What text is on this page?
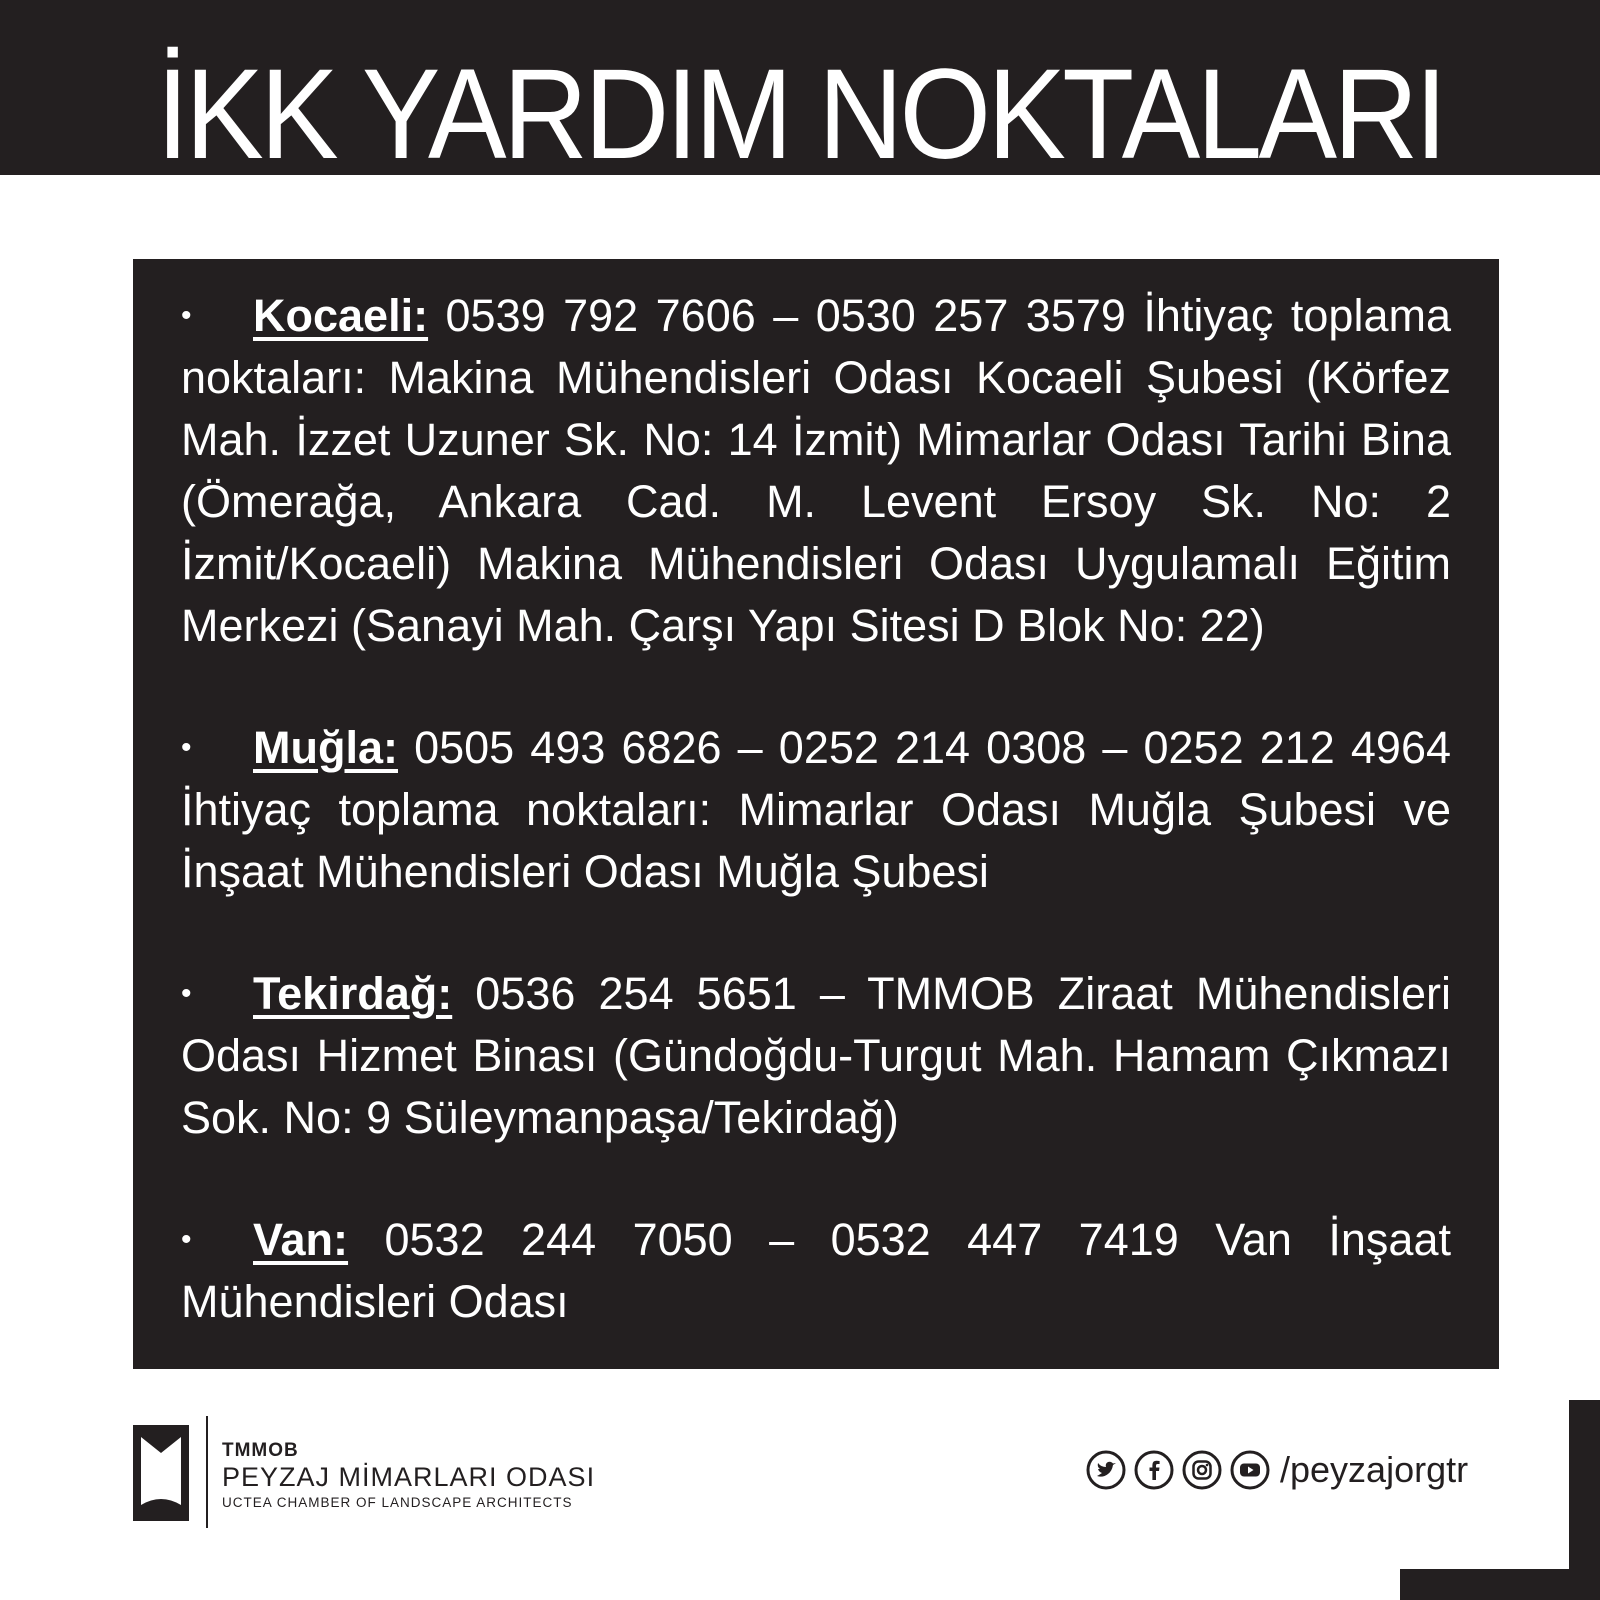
İKK YARDIM NOKTALARI

• Kocaeli: 0539 792 7606 – 0530 257 3579 İhtiyaç toplama noktaları: Makina Mühendisleri Odası Kocaeli Şubesi (Körfez Mah. İzzet Uzuner Sk. No: 14 İzmit) Mimarlar Odası Tarihi Bina (Ömerağa, Ankara Cad. M. Levent Ersoy Sk. No: 2 İzmit/Kocaeli) Makina Mühendisleri Odası Uygulamalı Eğitim Merkezi (Sanayi Mah. Çarşı Yapı Sitesi D Blok No: 22)

• Muğla: 0505 493 6826 – 0252 214 0308 – 0252 212 4964 İhtiyaç toplama noktaları: Mimarlar Odası Muğla Şubesi ve İnşaat Mühendisleri Odası Muğla Şubesi

• Tekirdağ: 0536 254 5651 – TMMOB Ziraat Mühendisleri Odası Hizmet Binası (Gündoğdu-Turgut Mah. Hamam Çıkmazı Sok. No: 9 Süleymanpaşa/Tekirdağ)

• Van: 0532 244 7050 – 0532 447 7419 Van İnşaat Mühendisleri Odası

TMMOB
PEYZAJ MİMARLARI ODASI
UCTEA CHAMBER OF LANDSCAPE ARCHITECTS
/peyzajorgtr
